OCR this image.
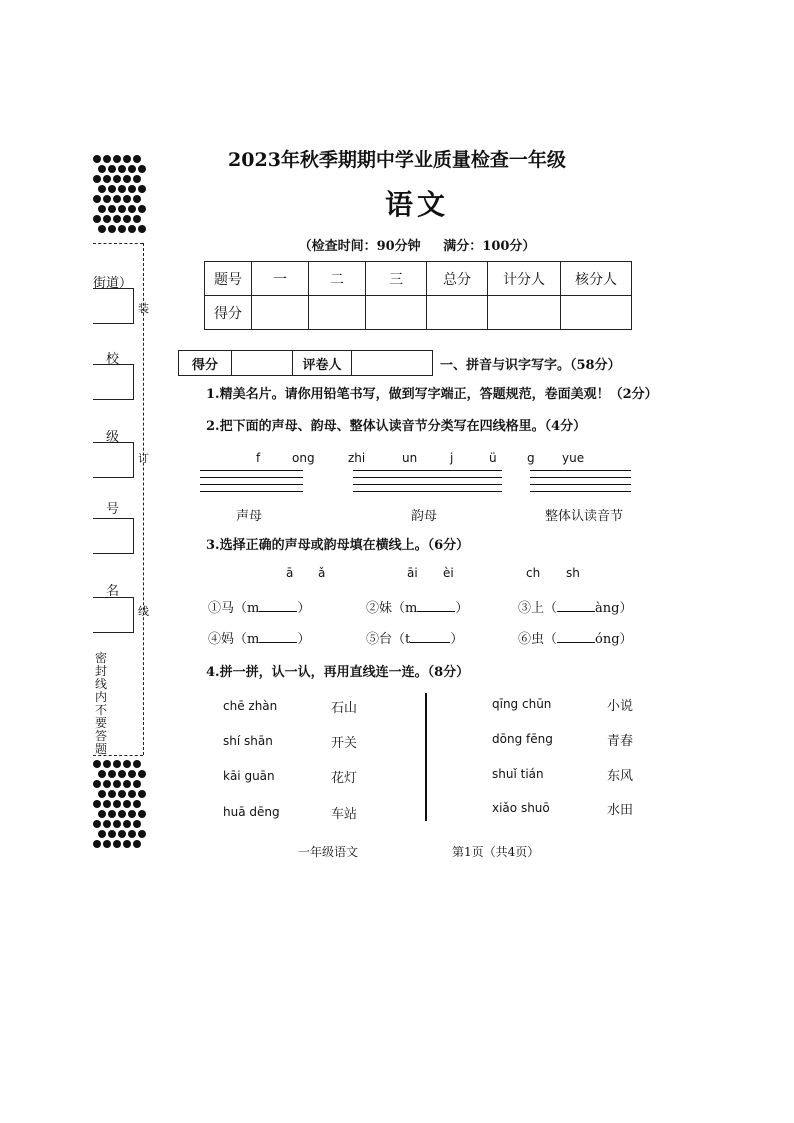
街道）
校
级
号
名
装
订
线
密封线内不要答题
2023年秋季期期中学业质量检查一年级
语文
（检查时间：90分钟     满分：100分）
题号	一	二	三	总分	计分人	核分人
得分						
得分		评卷人		一、拼音与识字写字。（58分）
1.精美名片。请你用铅笔书写，做到写字端正，答题规范，卷面美观！（2分）
2.把下面的声母、韵母、整体认读音节分类写在四线格里。（4分）
f	ong	zhi	un	j	ü	g yue
声母	韵母	整体认读音节
3.选择正确的声母或韵母填在横线上。（6分）
ā ǎ	āi èi	ch sh
①马（m	）	②妹（m	）	③上（	àng）
④妈（m	）	⑤台（t	）	⑥虫（	óng）
4.拼一拼，认一认，再用直线连一连。（8分）
chē zhàn
shí shān
kāi guān
huā dēng
石山
开关
花灯
车站
qīng chūn
dōng fēng
shuǐ tián
xiǎo shuō
小说
青春
东风
水田
一年级语文	第1页（共4页）
